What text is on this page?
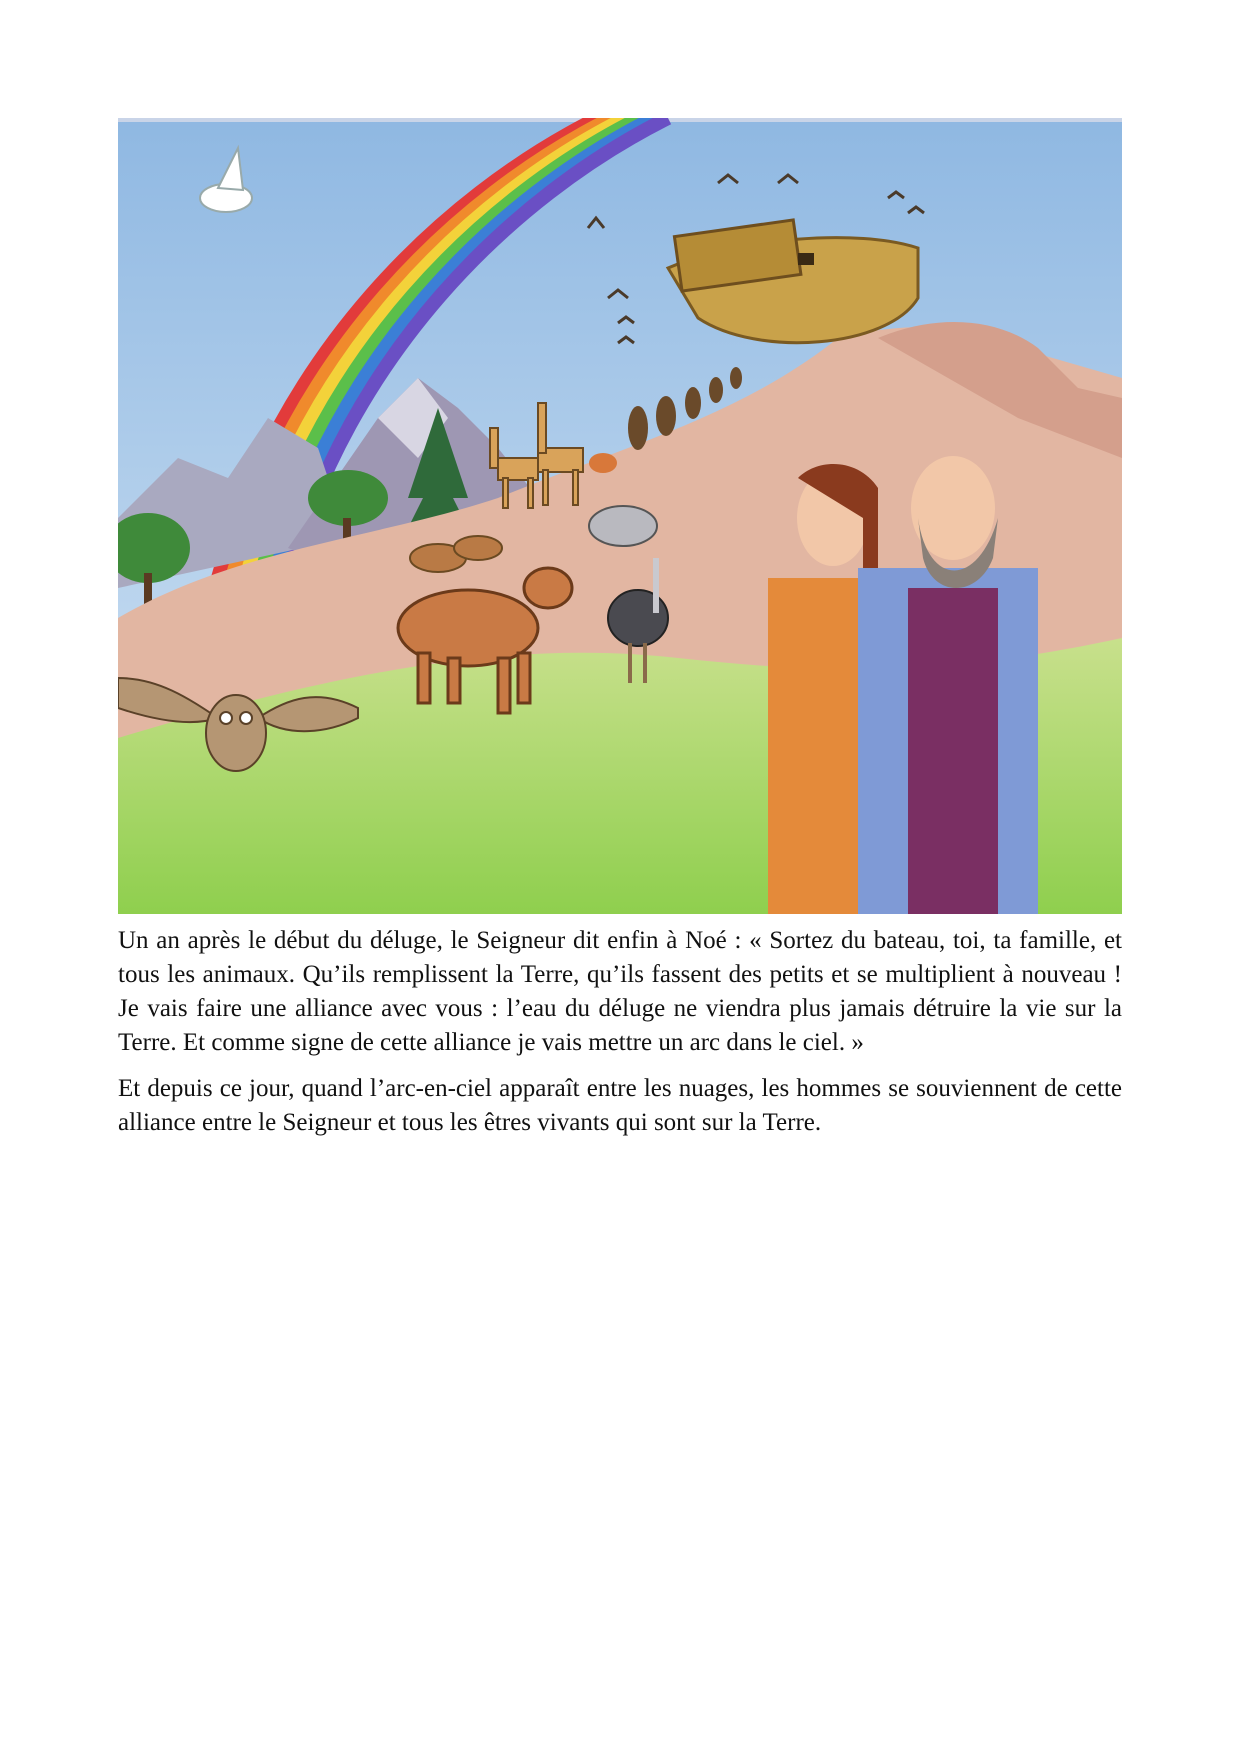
Un an après le début du déluge, le Seigneur dit enfin à Noé : « Sortez du bateau, toi, ta famille, et tous les animaux. Qu’ils remplissent la Terre, qu’ils fassent des petits et se multiplient à nouveau ! Je vais faire une alliance avec vous : l’eau du déluge ne viendra plus jamais détruire la vie sur la Terre. Et comme signe de cette alliance je vais mettre un arc dans le ciel. »

Et depuis ce jour, quand l’arc-en-ciel apparaît entre les nuages, les hommes se souviennent de cette alliance entre le Seigneur et tous les êtres vivants qui sont sur la Terre.
